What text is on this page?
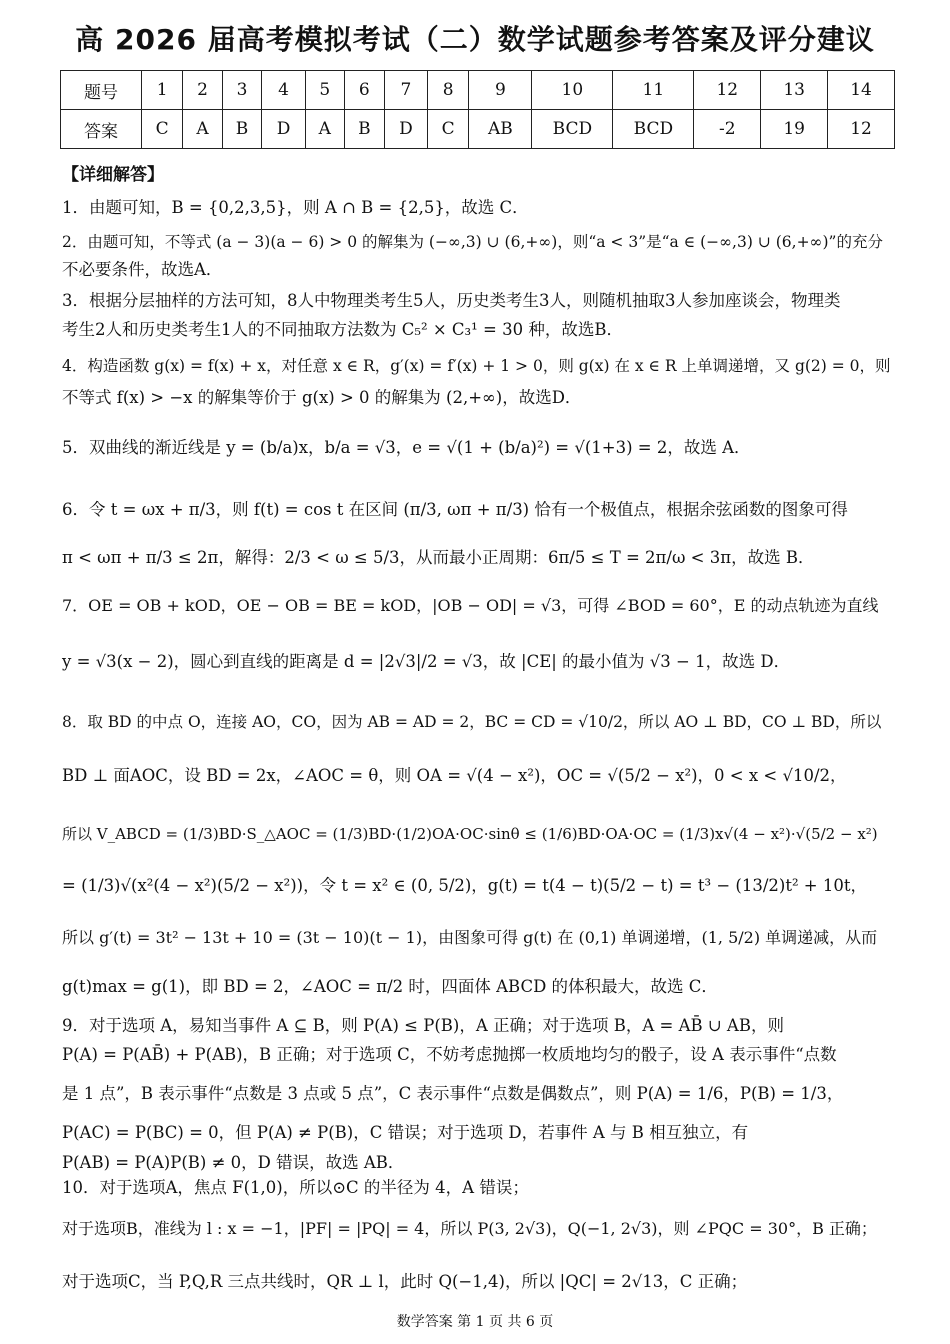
高 2026 届高考模拟考试（二）数学试题参考答案及评分建议
题号	1	2	3	4	5	6	7	8	9	10	11	12	13	14
答案	C	A	B	D	A	B	D	C	AB	BCD	BCD	-2	19	12
【详细解答】
1．由题可知，B = {0,2,3,5}，则 A ∩ B = {2,5}，故选 C．
2．由题可知，不等式 (a − 3)(a − 6) > 0 的解集为 (−∞,3) ∪ (6,+∞)，则“a < 3”是“a ∈ (−∞,3) ∪ (6,+∞)”的充分
不必要条件，故选A．
3．根据分层抽样的方法可知，8人中物理类考生5人，历史类考生3人，则随机抽取3人参加座谈会，物理类
考生2人和历史类考生1人的不同抽取方法数为 C₅² × C₃¹ = 30 种，故选B．
4．构造函数 g(x) = f(x) + x，对任意 x ∈ R，g′(x) = f′(x) + 1 > 0，则 g(x) 在 x ∈ R 上单调递增，又 g(2) = 0，则
不等式 f(x) > −x 的解集等价于 g(x) > 0 的解集为 (2,+∞)，故选D．
5．双曲线的渐近线是 y = (b/a)x，b/a = √3，e = √(1 + (b/a)²) = √(1+3) = 2，故选 A．
6．令 t = ωx + π/3，则 f(t) = cos t 在区间 (π/3, ωπ + π/3) 恰有一个极值点，根据余弦函数的图象可得
π < ωπ + π/3 ≤ 2π，解得：2/3 < ω ≤ 5/3，从而最小正周期：6π/5 ≤ T = 2π/ω < 3π，故选 B．
7．OE = OB + kOD，OE − OB = BE = kOD，|OB − OD| = √3，可得 ∠BOD = 60°，E 的动点轨迹为直线
y = √3(x − 2)，圆心到直线的距离是 d = |2√3|/2 = √3，故 |CE| 的最小值为 √3 − 1，故选 D．
8．取 BD 的中点 O，连接 AO，CO，因为 AB = AD = 2，BC = CD = √10/2，所以 AO ⊥ BD，CO ⊥ BD，所以
BD ⊥ 面AOC，设 BD = 2x，∠AOC = θ，则 OA = √(4 − x²)，OC = √(5/2 − x²)，0 < x < √10/2，
所以 V_ABCD = (1/3)BD·S_△AOC = (1/3)BD·(1/2)OA·OC·sinθ ≤ (1/6)BD·OA·OC = (1/3)x√(4 − x²)·√(5/2 − x²)
= (1/3)√(x²(4 − x²)(5/2 − x²))，令 t = x² ∈ (0, 5/2)，g(t) = t(4 − t)(5/2 − t) = t³ − (13/2)t² + 10t，
所以 g′(t) = 3t² − 13t + 10 = (3t − 10)(t − 1)，由图象可得 g(t) 在 (0,1) 单调递增，(1, 5/2) 单调递减，从而
g(t)max = g(1)，即 BD = 2，∠AOC = π/2 时，四面体 ABCD 的体积最大，故选 C．
9．对于选项 A，易知当事件 A ⊆ B，则 P(A) ≤ P(B)，A 正确；对于选项 B，A = AB̄ ∪ AB，则
P(A) = P(AB̄) + P(AB)，B 正确；对于选项 C，不妨考虑抛掷一枚质地均匀的骰子，设 A 表示事件“点数
是 1 点”，B 表示事件“点数是 3 点或 5 点”，C 表示事件“点数是偶数点”，则 P(A) = 1/6，P(B) = 1/3，
P(AC) = P(BC) = 0，但 P(A) ≠ P(B)，C 错误；对于选项 D，若事件 A 与 B 相互独立，有
P(AB) = P(A)P(B) ≠ 0，D 错误，故选 AB．
10．对于选项A，焦点 F(1,0)，所以⊙C 的半径为 4，A 错误；
对于选项B，准线为 l : x = −1，|PF| = |PQ| = 4，所以 P(3, 2√3)，Q(−1, 2√3)，则 ∠PQC = 30°，B 正确；
对于选项C，当 P,Q,R 三点共线时，QR ⊥ l，此时 Q(−1,4)，所以 |QC| = 2√13，C 正确；
数学答案 第 1 页 共 6 页
